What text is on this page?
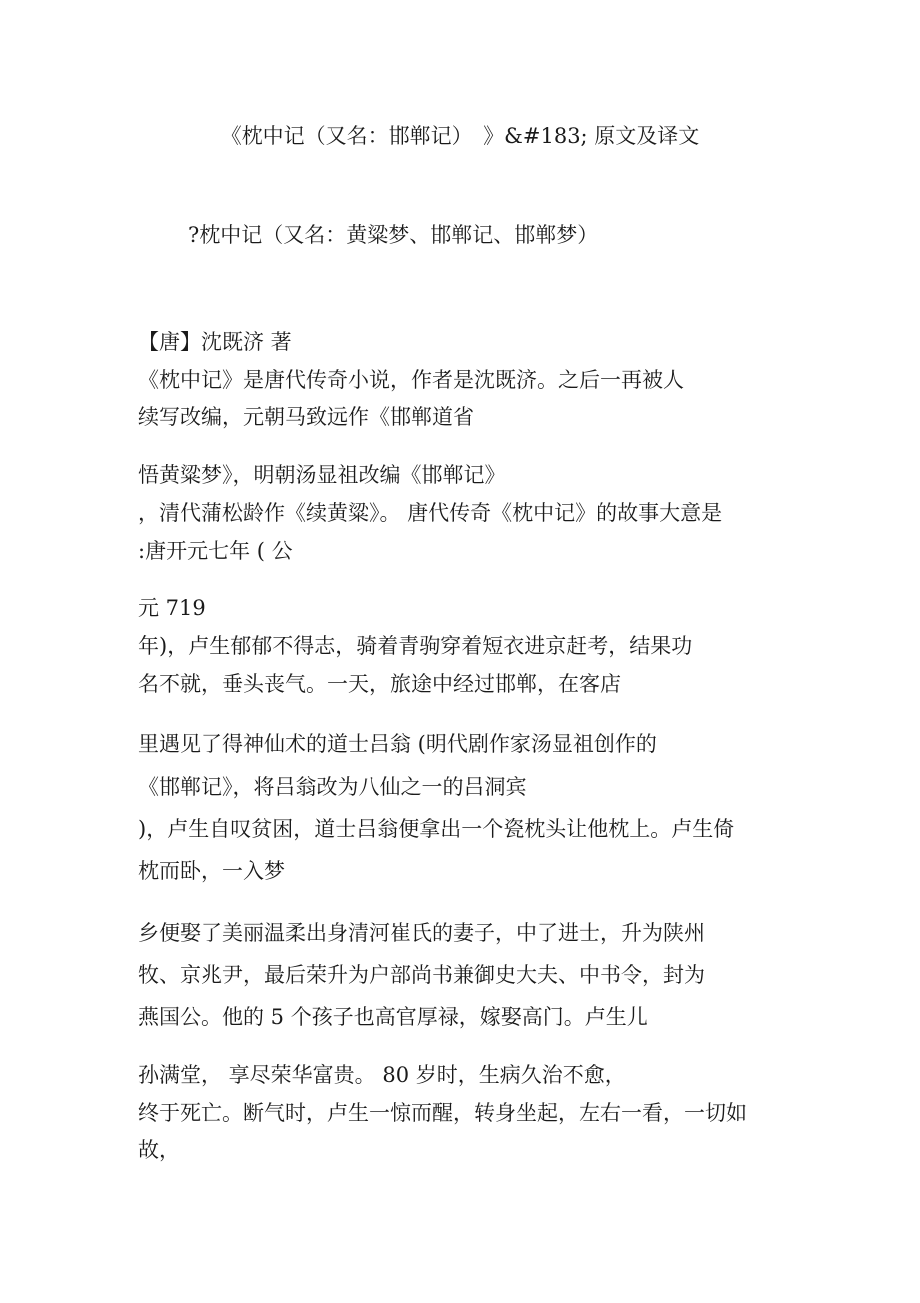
《枕中记（又名：邯郸记）　》&#183; 原文及译文

?枕中记（又名：黄粱梦、邯郸记、邯郸梦）

【唐】沈既济 著

《枕中记》是唐代传奇小说，作者是沈既济。之后一再被人

续写改编，元朝马致远作《邯郸道省

悟黄粱梦》，明朝汤显祖改编《邯郸记》

，清代蒲松龄作《续黄粱》。 唐代传奇《枕中记》的故事大意是

:唐开元七年 ( 公

元 719

年)，卢生郁郁不得志，骑着青驹穿着短衣进京赶考，结果功

名不就，垂头丧气。一天，旅途中经过邯郸，在客店

里遇见了得神仙术的道士吕翁 (明代剧作家汤显祖创作的

《邯郸记》，将吕翁改为八仙之一的吕洞宾

)，卢生自叹贫困，道士吕翁便拿出一个瓷枕头让他枕上。卢生倚

枕而卧，一入梦

乡便娶了美丽温柔出身清河崔氏的妻子，中了进士，升为陕州

牧、京兆尹，最后荣升为户部尚书兼御史大夫、中书令，封为

燕国公。他的 5 个孩子也高官厚禄，嫁娶高门。卢生儿

孙满堂， 享尽荣华富贵。 80 岁时，生病久治不愈，

终于死亡。断气时，卢生一惊而醒，转身坐起，左右一看，一切如

故，
